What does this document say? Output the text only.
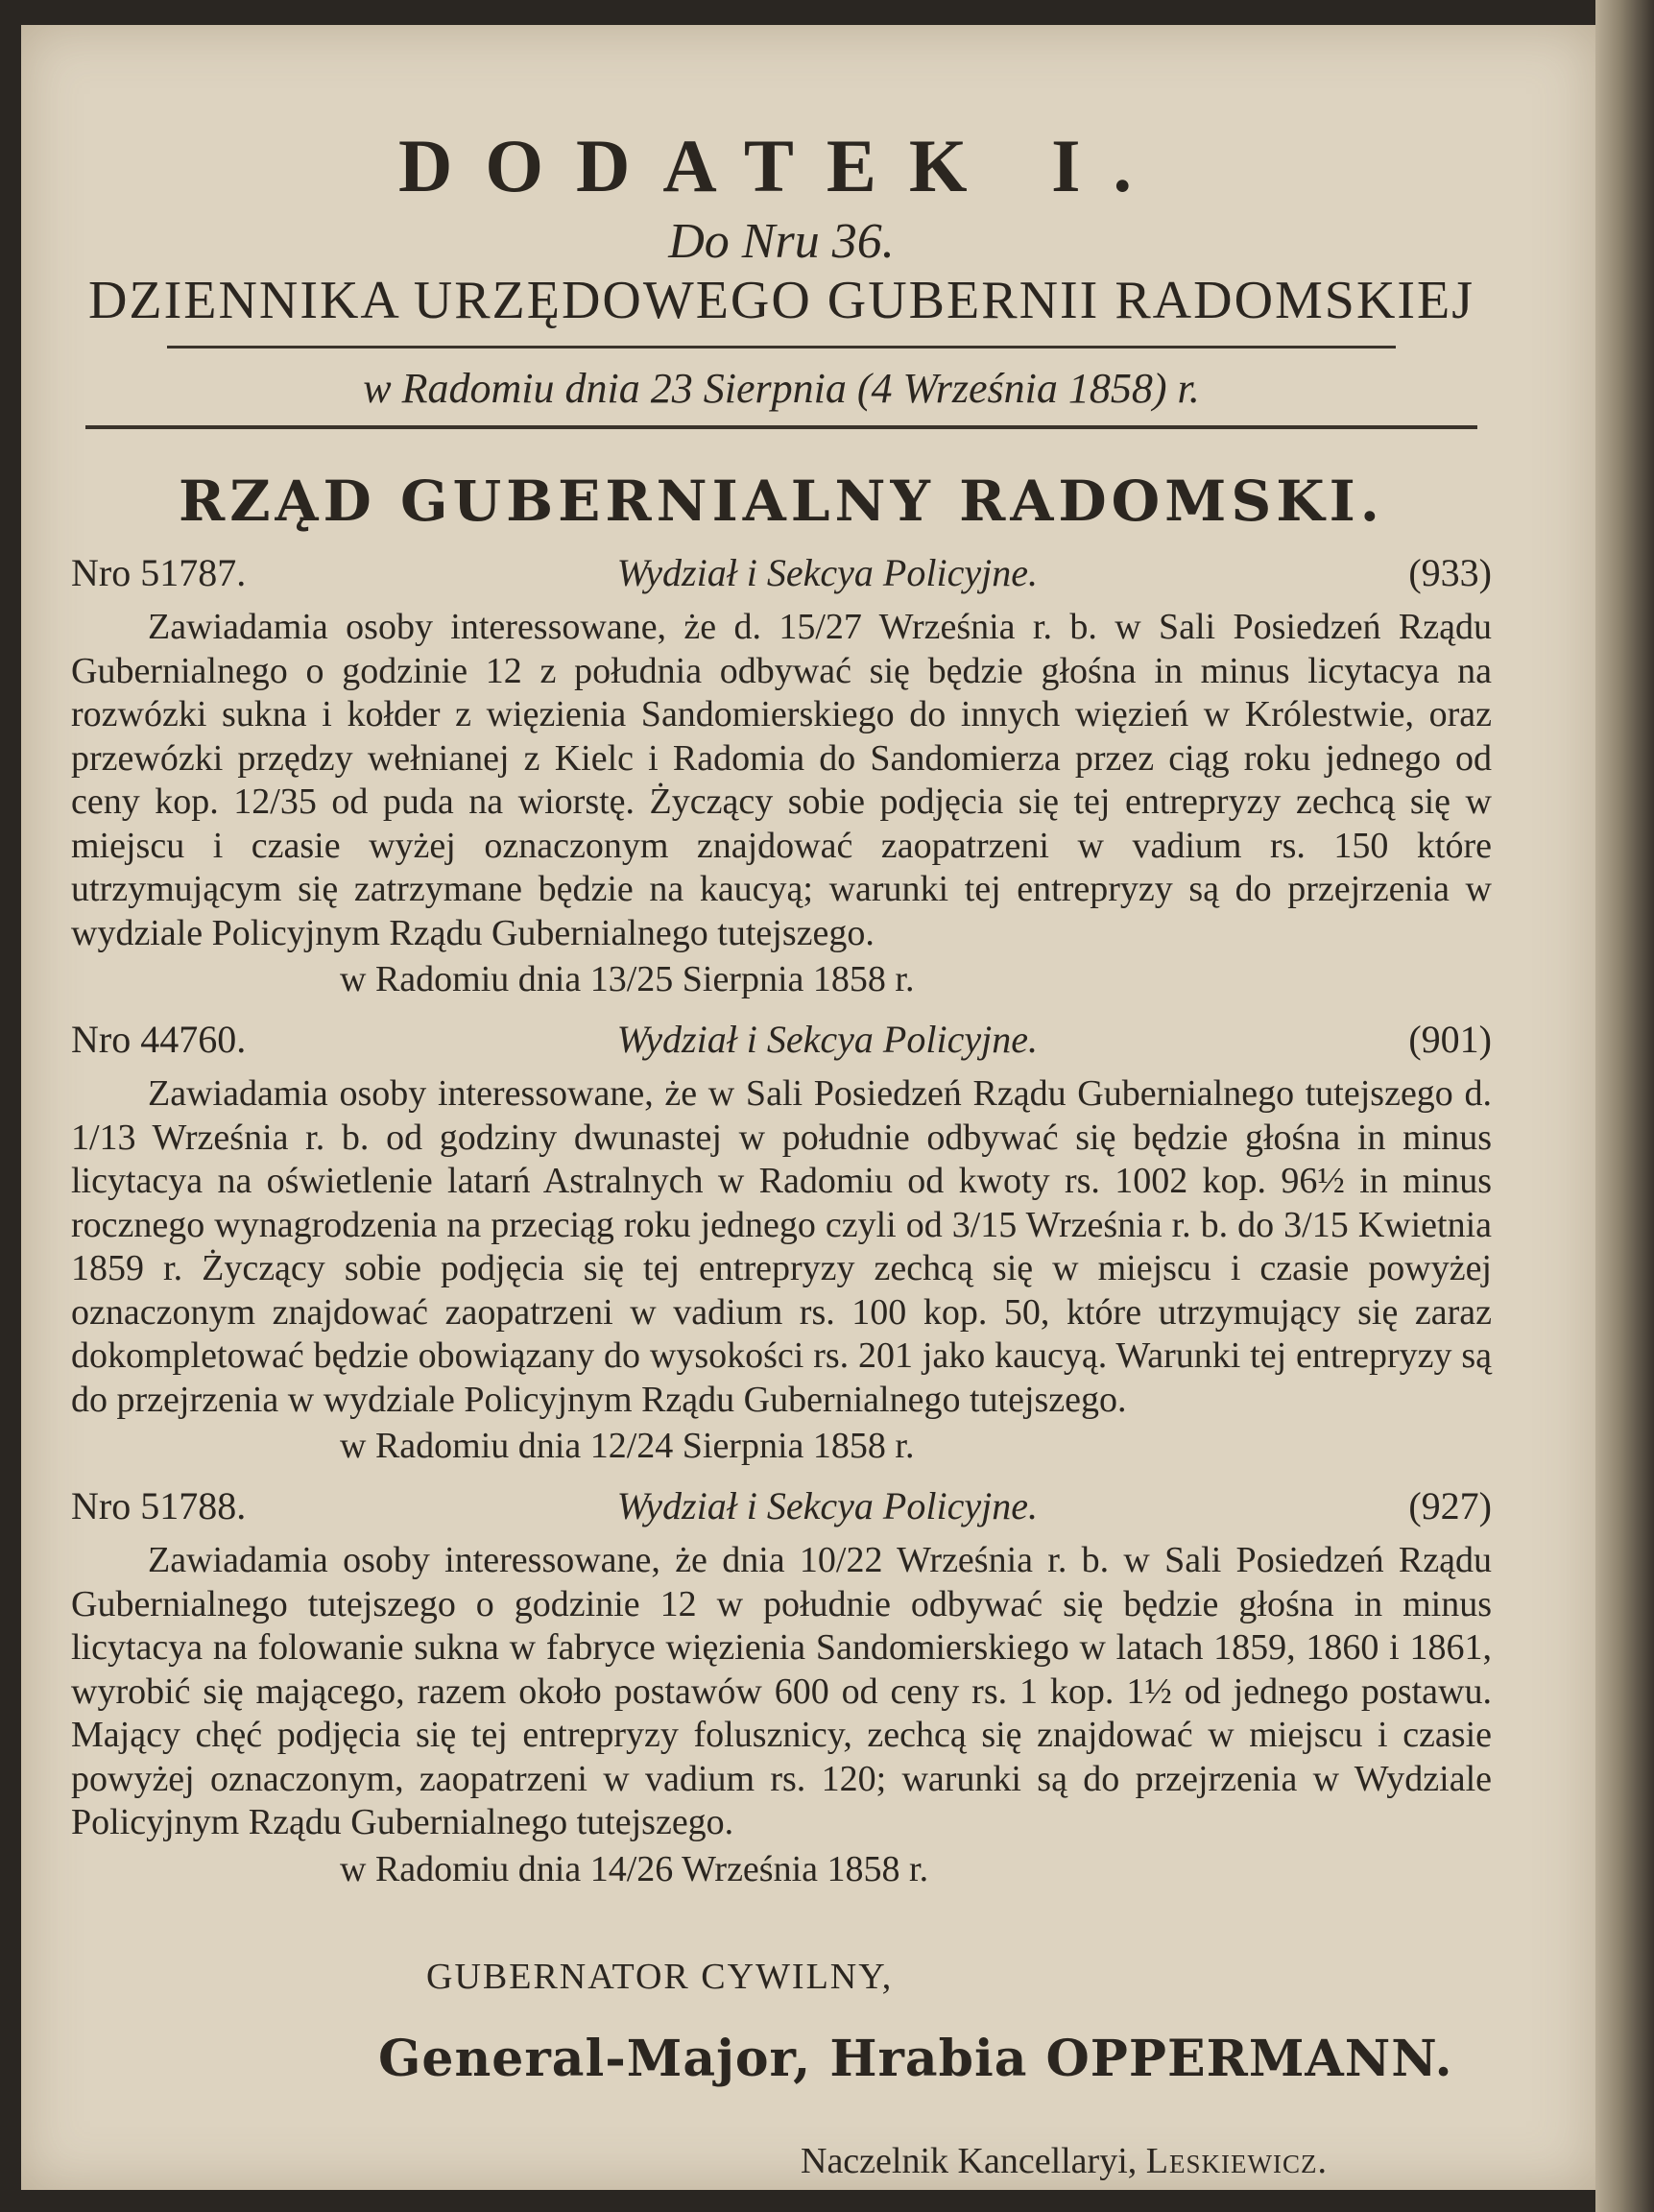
DODATEK I.
Do Nru 36.
DZIENNIKA URZĘDOWEGO GUBERNII RADOMSKIEJ
w Radomiu dnia 23 Sierpnia (4 Września 1858) r.
RZĄD GUBERNIALNY RADOMSKI.
Nro 51787.	Wydział i Sekcya Policyjne.	(933)

Zawiadamia osoby interessowane, że d. 15/27 Września r. b. w Sali Posiedzeń Rządu Gubernialnego o godzinie 12 z południa odbywać się będzie głośna in minus licytacya na rozwózki sukna i kołder z więzienia Sandomierskiego do innych więzień w Królestwie, oraz przewózki przędzy wełnianej z Kielc i Radomia do Sandomierza przez ciąg roku jednego od ceny kop. 12/35 od puda na wiorstę. Życzący sobie podjęcia się tej entrepryzy zechcą się w miejscu i czasie wyżej oznaczonym znajdować zaopatrzeni w vadium rs. 150 które utrzymującym się zatrzymane będzie na kaucyą; warunki tej entrepryzy są do przejrzenia w wydziale Policyjnym Rządu Gubernialnego tutejszego.

w Radomiu dnia 13/25 Sierpnia 1858 r.
Nro 44760.	Wydział i Sekcya Policyjne.	(901)

Zawiadamia osoby interessowane, że w Sali Posiedzeń Rządu Gubernialnego tutejszego d. 1/13 Września r. b. od godziny dwunastej w południe odbywać się będzie głośna in minus licytacya na oświetlenie latarń Astralnych w Radomiu od kwoty rs. 1002 kop. 96½ in minus rocznego wynagrodzenia na przeciąg roku jednego czyli od 3/15 Września r. b. do 3/15 Kwietnia 1859 r. Życzący sobie podjęcia się tej entrepryzy zechcą się w miejscu i czasie powyżej oznaczonym znajdować zaopatrzeni w vadium rs. 100 kop. 50, które utrzymujący się zaraz dokompletować będzie obowiązany do wysokości rs. 201 jako kaucyą. Warunki tej entrepryzy są do przejrzenia w wydziale Policyjnym Rządu Gubernialnego tutejszego.

w Radomiu dnia 12/24 Sierpnia 1858 r.
Nro 51788.	Wydział i Sekcya Policyjne.	(927)

Zawiadamia osoby interessowane, że dnia 10/22 Września r. b. w Sali Posiedzeń Rządu Gubernialnego tutejszego o godzinie 12 w południe odbywać się będzie głośna in minus licytacya na folowanie sukna w fabryce więzienia Sandomierskiego w latach 1859, 1860 i 1861, wyrobić się mającego, razem około postawów 600 od ceny rs. 1 kop. 1½ od jednego postawu. Mający chęć podjęcia się tej entrepryzy foluszniсy, zechcą się znajdować w miejscu i czasie powyżej oznaczonym, zaopatrzeni w vadium rs. 120; warunki są do przejrzenia w Wydziale Policyjnym Rządu Gubernialnego tutejszego.

w Radomiu dnia 14/26 Września 1858 r.
GUBERNATOR CYWILNY,
General-Major, Hrabia OPPERMANN.
Naczelnik Kancellaryi, Leskiewicz.
